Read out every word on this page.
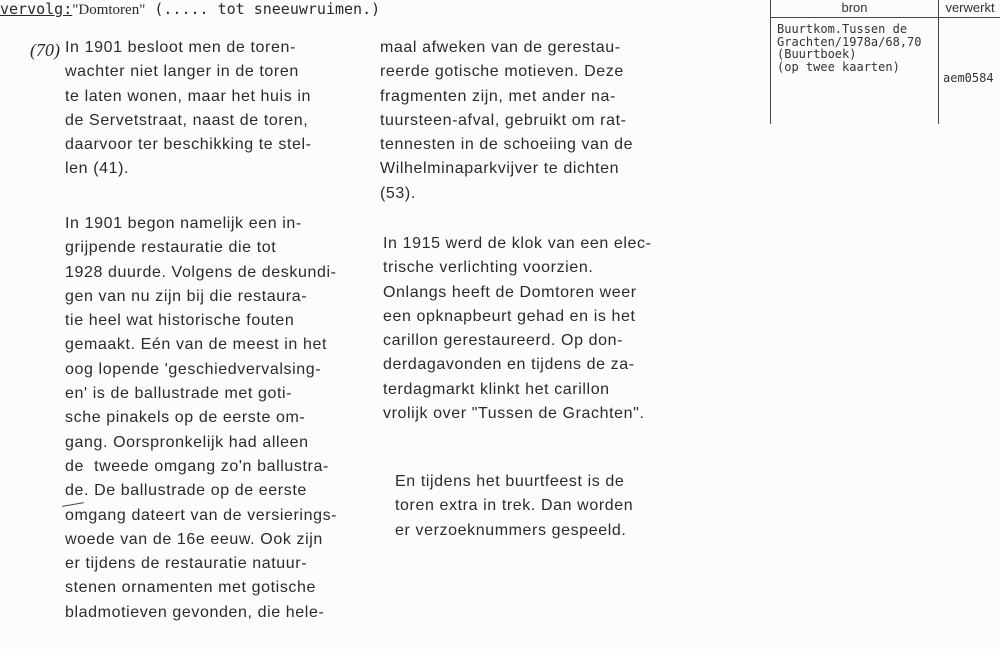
vervolg:"Domtoren" (..... tot sneeuwruimen.)
(70) In 1901 besloot men de toren-
wachter niet langer in de toren
te laten wonen, maar het huis in
de Servetstraat, naast de toren,
daarvoor ter beschikking te stel-
len (41).
In 1901 begon namelijk een in-
grijpende restauratie die tot
1928 duurde. Volgens de deskundi-
gen van nu zijn bij die restaura-
tie heel wat historische fouten
gemaakt. Eén van de meest in het
oog lopende 'geschiedvervalsing-
en' is de ballustrade met goti-
sche pinakels op de eerste om-
gang. Oorspronkelijk had alleen
de  tweede omgang zo'n ballustra-
de. De ballustrade op de eerste
omgang dateert van de versierings-
woede van de 16e eeuw. Ook zijn
er tijdens de restauratie natuur-
stenen ornamenten met gotische
bladmotieven gevonden, die hele-
maal afweken van de gerestau-
reerde gotische motieven. Deze
fragmenten zijn, met ander na-
tuursteen-afval, gebruikt om rat-
tennesten in de schoeiing van de
Wilhelminaparkvijver te dichten
(53).
In 1915 werd de klok van een elec-
trische verlichting voorzien.
Onlangs heeft de Domtoren weer
een opknapbeurt gehad en is het
carillon gerestaureerd. Op don-
derdagavonden en tijdens de za-
terdagmarkt klinkt het carillon
vrolijk over "Tussen de Grachten".
En tijdens het buurtfeest is de
toren extra in trek. Dan worden
er verzoeknummers gespeeld.
bron	verwerkt
Buurtkom.Tussen de
Grachten/1978a/68,70
(Buurtboek)
(op twee kaarten)
aem0584
